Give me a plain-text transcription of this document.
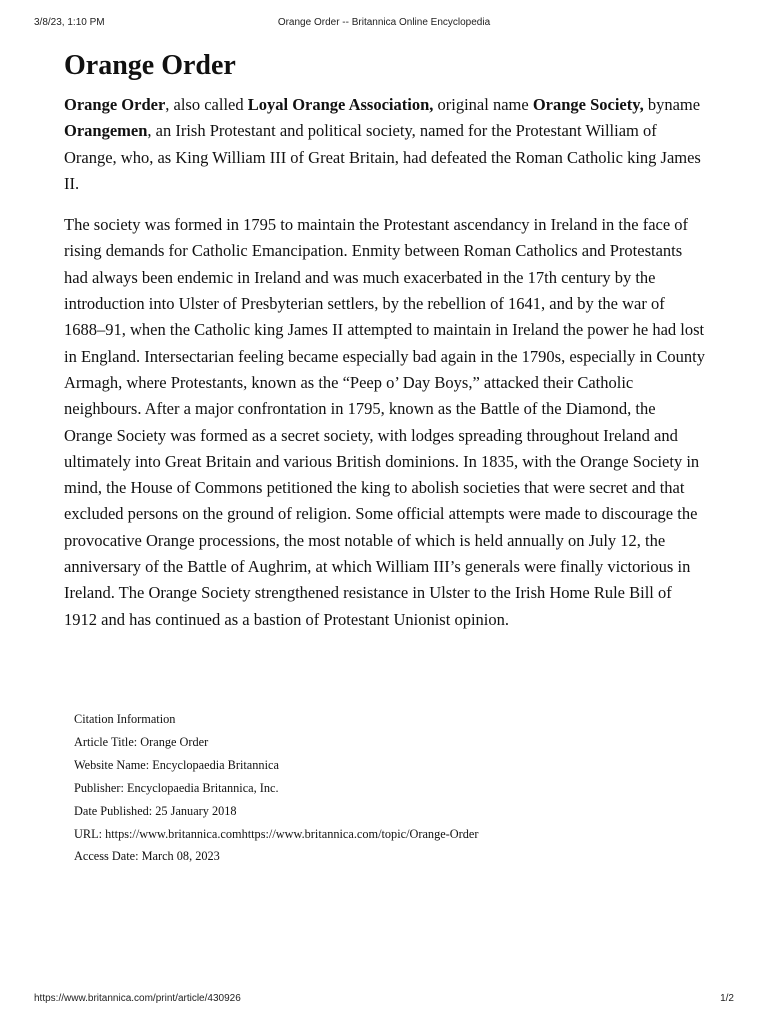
3/8/23, 1:10 PM	Orange Order -- Britannica Online Encyclopedia
Orange Order

Orange Order, also called Loyal Orange Association, original name Orange Society, byname Orangemen, an Irish Protestant and political society, named for the Protestant William of Orange, who, as King William III of Great Britain, had defeated the Roman Catholic king James II.

The society was formed in 1795 to maintain the Protestant ascendancy in Ireland in the face of rising demands for Catholic Emancipation. Enmity between Roman Catholics and Protestants had always been endemic in Ireland and was much exacerbated in the 17th century by the introduction into Ulster of Presbyterian settlers, by the rebellion of 1641, and by the war of 1688–91, when the Catholic king James II attempted to maintain in Ireland the power he had lost in England. Intersectarian feeling became especially bad again in the 1790s, especially in County Armagh, where Protestants, known as the “Peep o’ Day Boys,” attacked their Catholic neighbours. After a major confrontation in 1795, known as the Battle of the Diamond, the Orange Society was formed as a secret society, with lodges spreading throughout Ireland and ultimately into Great Britain and various British dominions. In 1835, with the Orange Society in mind, the House of Commons petitioned the king to abolish societies that were secret and that excluded persons on the ground of religion. Some official attempts were made to discourage the provocative Orange processions, the most notable of which is held annually on July 12, the anniversary of the Battle of Aughrim, at which William III’s generals were finally victorious in Ireland. The Orange Society strengthened resistance in Ulster to the Irish Home Rule Bill of 1912 and has continued as a bastion of Protestant Unionist opinion.

Citation Information
Article Title: Orange Order
Website Name: Encyclopaedia Britannica
Publisher: Encyclopaedia Britannica, Inc.
Date Published: 25 January 2018
URL: https://www.britannica.comhttps://www.britannica.com/topic/Orange-Order
Access Date: March 08, 2023
https://www.britannica.com/print/article/430926	1/2
